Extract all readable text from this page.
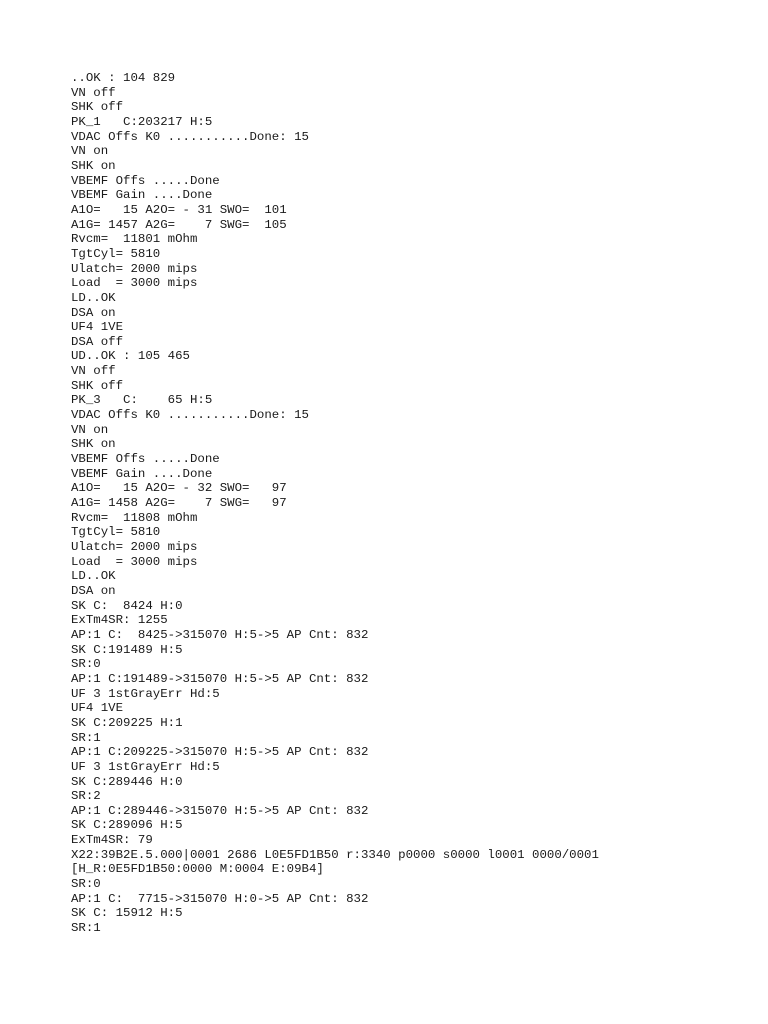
..OK : 104 829
VN off
SHK off
PK_1   C:203217 H:5
VDAC Offs K0 ...........Done: 15
VN on
SHK on
VBEMF Offs .....Done
VBEMF Gain ....Done
A1O=   15 A2O= - 31 SWO=  101
A1G= 1457 A2G=    7 SWG=  105
Rvcm=  11801 mOhm
TgtCyl= 5810
Ulatch= 2000 mips
Load  = 3000 mips
LD..OK
DSA on
UF4 1VE
DSA off
UD..OK : 105 465
VN off
SHK off
PK_3   C:    65 H:5
VDAC Offs K0 ...........Done: 15
VN on
SHK on
VBEMF Offs .....Done
VBEMF Gain ....Done
A1O=   15 A2O= - 32 SWO=   97
A1G= 1458 A2G=    7 SWG=   97
Rvcm=  11808 mOhm
TgtCyl= 5810
Ulatch= 2000 mips
Load  = 3000 mips
LD..OK
DSA on
SK C:  8424 H:0
ExTm4SR: 1255
AP:1 C:  8425->315070 H:5->5 AP Cnt: 832
SK C:191489 H:5
SR:0
AP:1 C:191489->315070 H:5->5 AP Cnt: 832
UF 3 1stGrayErr Hd:5
UF4 1VE
SK C:209225 H:1
SR:1
AP:1 C:209225->315070 H:5->5 AP Cnt: 832
UF 3 1stGrayErr Hd:5
SK C:289446 H:0
SR:2
AP:1 C:289446->315070 H:5->5 AP Cnt: 832
SK C:289096 H:5
ExTm4SR: 79
X22:39B2E.5.000|0001 2686 L0E5FD1B50 r:3340 p0000 s0000 l0001 0000/0001
[H_R:0E5FD1B50:0000 M:0004 E:09B4]
SR:0
AP:1 C:  7715->315070 H:0->5 AP Cnt: 832
SK C: 15912 H:5
SR:1
